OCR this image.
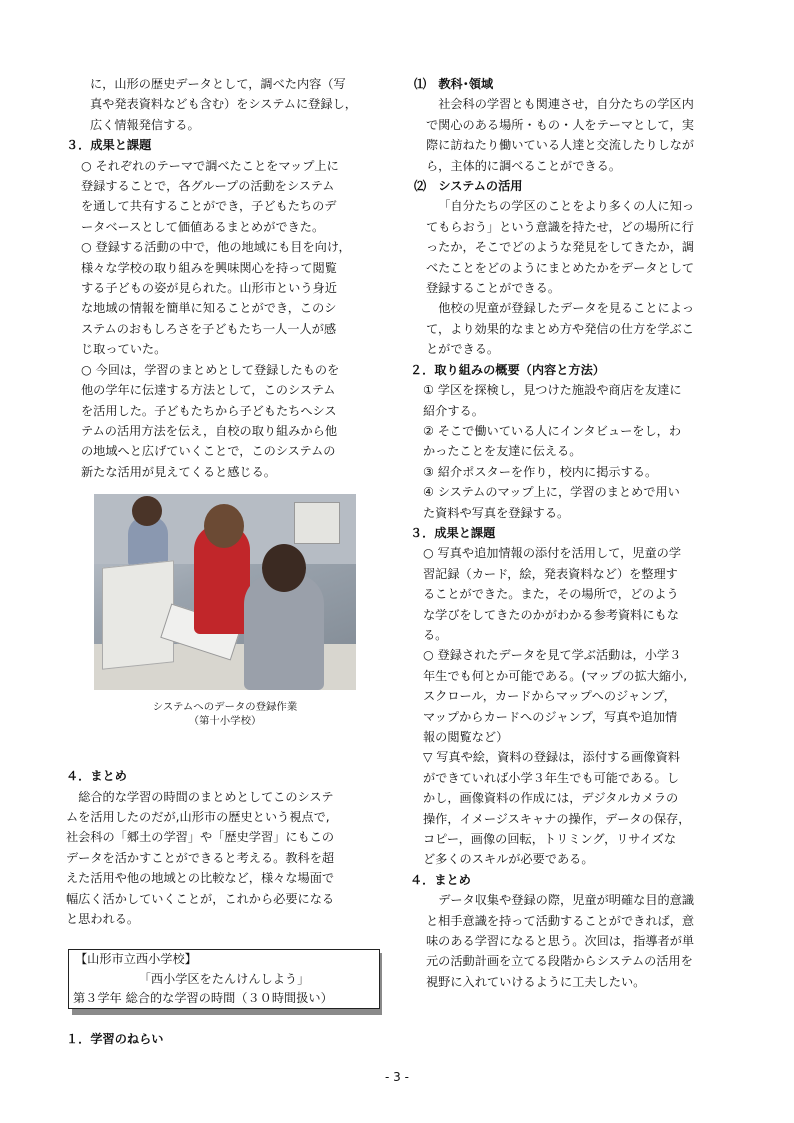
に，山形の歴史データとして，調べた内容（写

真や発表資料なども含む）をシステムに登録し，

広く情報発信する。

３．成果と課題

○ それぞれのテーマで調べたことをマップ上に

登録することで，各グループの活動をシステム

を通して共有することができ，子どもたちのデ

ータベースとして価値あるまとめができた。

○ 登録する活動の中で，他の地域にも目を向け，

様々な学校の取り組みを興味関心を持って閲覧

する子どもの姿が見られた。山形市という身近

な地域の情報を簡単に知ることができ，このシ

ステムのおもしろさを子どもたち一人一人が感

じ取っていた。

○ 今回は，学習のまとめとして登録したものを

他の学年に伝達する方法として，このシステム

を活用した。子どもたちから子どもたちへシス

テムの活用方法を伝え，自校の取り組みから他

の地域へと広げていくことで，このシステムの

新たな活用が見えてくると感じる。

システムへのデータの登録作業
（第十小学校）

４．まとめ

総合的な学習の時間のまとめとしてこのシステ

ムを活用したのだが,山形市の歴史という視点で,

社会科の「郷土の学習」や「歴史学習」にもこの

データを活かすことができると考える。教科を超

えた活用や他の地域との比較など，様々な場面で

幅広く活かしていくことが，これから必要になる

と思われる。

【山形市立西小学校】
「西小学区をたんけんしよう」
第３学年 総合的な学習の時間（３０時間扱い）

１．学習のねらい

⑴　教科･領域

社会科の学習とも関連させ，自分たちの学区内

で関心のある場所・もの・人をテーマとして，実

際に訪ねたり働いている人達と交流したりしなが

ら，主体的に調べることができる。

⑵　システムの活用

「自分たちの学区のことをより多くの人に知っ

てもらおう」という意識を持たせ，どの場所に行

ったか，そこでどのような発見をしてきたか，調

べたことをどのようにまとめたかをデータとして

登録することができる。

他校の児童が登録したデータを見ることによっ

て，より効果的なまとめ方や発信の仕方を学ぶこ

とができる。

２．取り組みの概要（内容と方法）

① 学区を探検し，見つけた施設や商店を友達に

紹介する。

② そこで働いている人にインタビューをし，わ

かったことを友達に伝える。

③ 紹介ポスターを作り，校内に掲示する。

④ システムのマップ上に，学習のまとめで用い

た資料や写真を登録する。

３．成果と課題

○ 写真や追加情報の添付を活用して，児童の学

習記録（カード，絵，発表資料など）を整理す

ることができた。また，その場所で，どのよう

な学びをしてきたのかがわかる参考資料にもな

る。

○ 登録されたデータを見て学ぶ活動は，小学３

年生でも何とか可能である。(マップの拡大縮小,

スクロール，カードからマップへのジャンプ，

マップからカードへのジャンプ，写真や追加情

報の閲覧など）

▽ 写真や絵，資料の登録は，添付する画像資料

ができていれば小学３年生でも可能である。し

かし，画像資料の作成には，デジタルカメラの

操作，イメージスキャナの操作，データの保存，

コピー，画像の回転，トリミング，リサイズな

ど多くのスキルが必要である。

４．まとめ

データ収集や登録の際，児童が明確な目的意識

と相手意識を持って活動することができれば，意

味のある学習になると思う。次回は，指導者が単

元の活動計画を立てる段階からシステムの活用を

視野に入れていけるように工夫したい。

- 3 -
